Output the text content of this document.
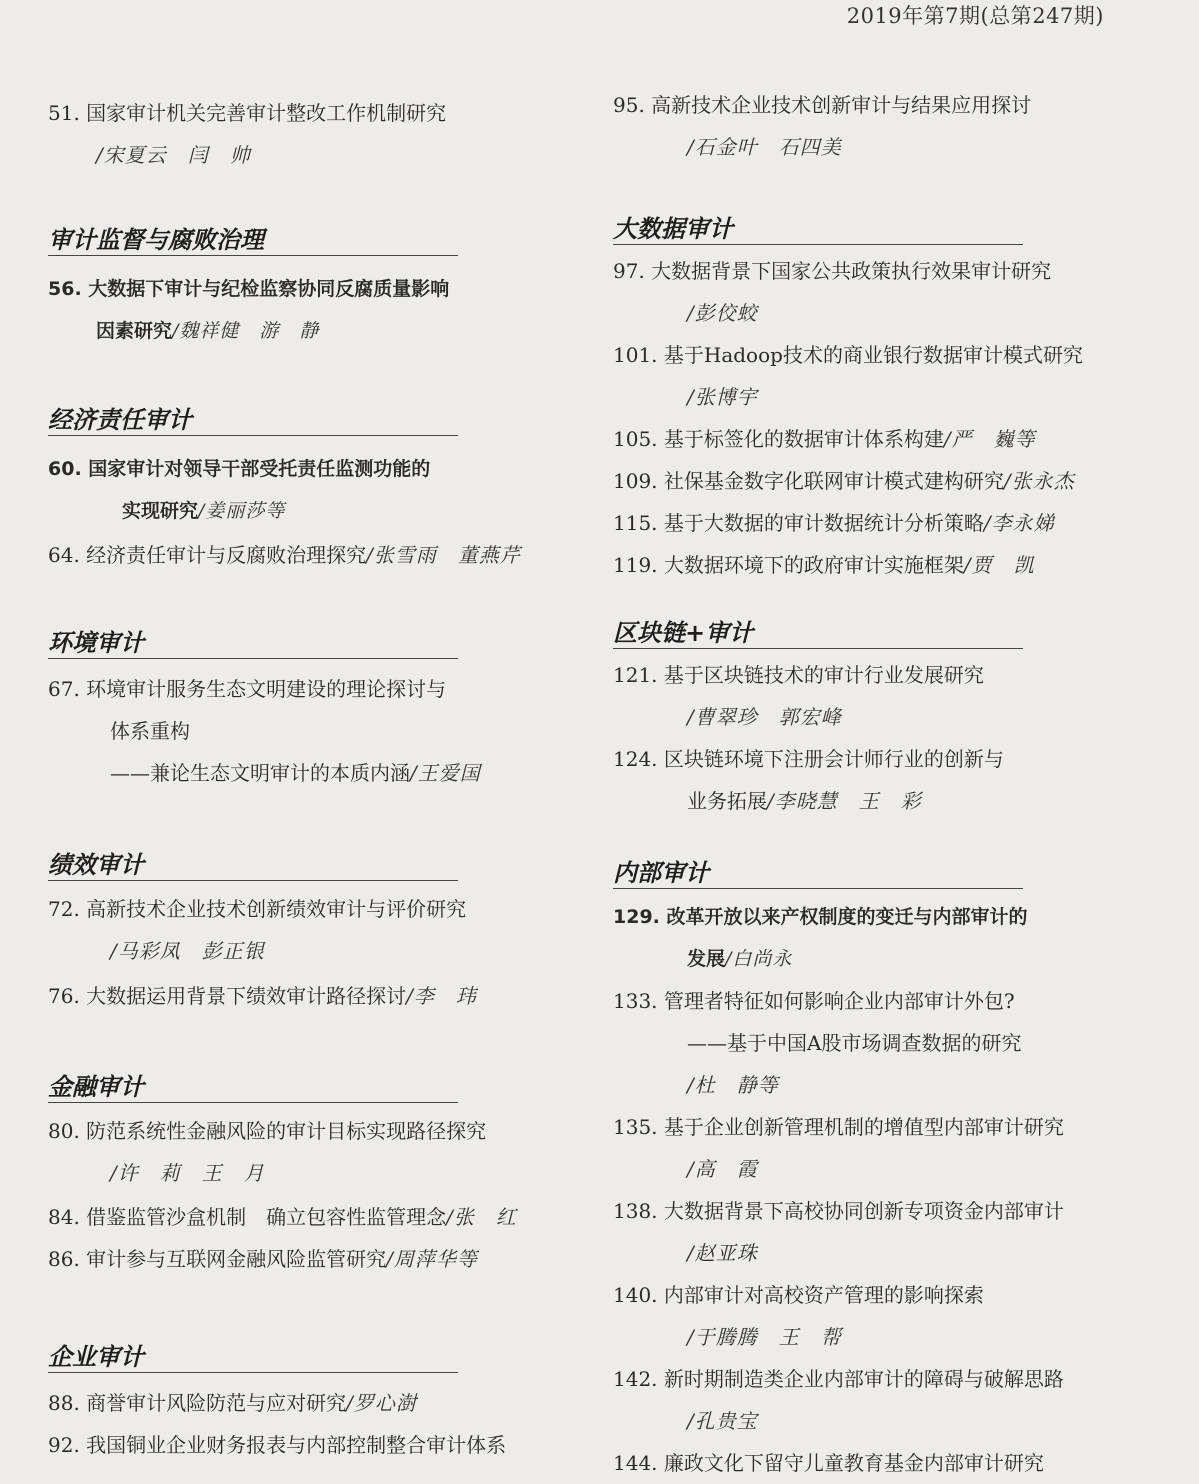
2019年第7期(总第247期)
51. 国家审计机关完善审计整改工作机制研究
/宋夏云　闫　帅
审计监督与腐败治理
56. 大数据下审计与纪检监察协同反腐质量影响
因素研究/魏祥健　游　静
经济责任审计
60. 国家审计对领导干部受托责任监测功能的
实现研究/姜丽莎等
64. 经济责任审计与反腐败治理探究/张雪雨　董燕芹
环境审计
67. 环境审计服务生态文明建设的理论探讨与
体系重构
——兼论生态文明审计的本质内涵/王爱国
绩效审计
72. 高新技术企业技术创新绩效审计与评价研究
/马彩凤　彭正银
76. 大数据运用背景下绩效审计路径探讨/李　玮
金融审计
80. 防范系统性金融风险的审计目标实现路径探究
/许　莉　王　月
84. 借鉴监管沙盒机制　确立包容性监管理念/张　红
86. 审计参与互联网金融风险监管研究/周萍华等
企业审计
88. 商誉审计风险防范与应对研究/罗心澍
92. 我国铜业企业财务报表与内部控制整合审计体系
95. 高新技术企业技术创新审计与结果应用探讨
/石金叶　石四美
大数据审计
97. 大数据背景下国家公共政策执行效果审计研究
/彭佼蛟
101. 基于Hadoop技术的商业银行数据审计模式研究
/张博宇
105. 基于标签化的数据审计体系构建/严　巍等
109. 社保基金数字化联网审计模式建构研究/张永杰
115. 基于大数据的审计数据统计分析策略/李永娣
119. 大数据环境下的政府审计实施框架/贾　凯
区块链+审计
121. 基于区块链技术的审计行业发展研究
/曹翠珍　郭宏峰
124. 区块链环境下注册会计师行业的创新与
业务拓展/李晓慧　王　彩
内部审计
129. 改革开放以来产权制度的变迁与内部审计的
发展/白尚永
133. 管理者特征如何影响企业内部审计外包?
——基于中国A股市场调查数据的研究
/杜　静等
135. 基于企业创新管理机制的增值型内部审计研究
/高　霞
138. 大数据背景下高校协同创新专项资金内部审计
/赵亚珠
140. 内部审计对高校资产管理的影响探索
/于腾腾　王　帮
142. 新时期制造类企业内部审计的障碍与破解思路
/孔贵宝
144. 廉政文化下留守儿童教育基金内部审计研究
